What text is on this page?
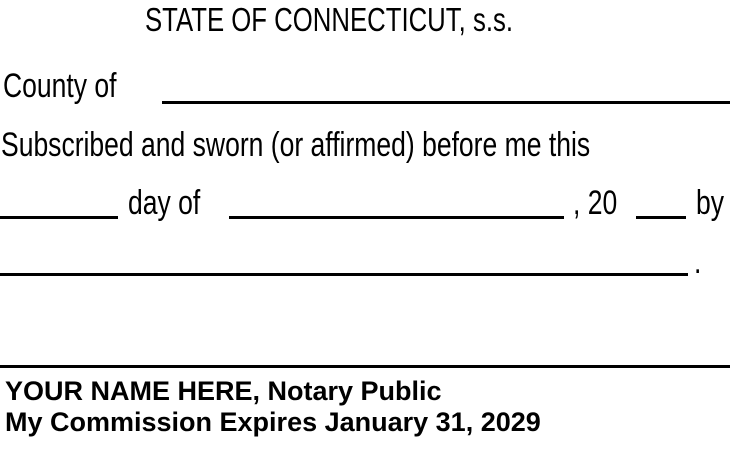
STATE OF CONNECTICUT, s.s.
County of
Subscribed and sworn (or affirmed) before me this
day of	, 20 by
.
YOUR NAME HERE, Notary Public
My Commission Expires January 31, 2029
